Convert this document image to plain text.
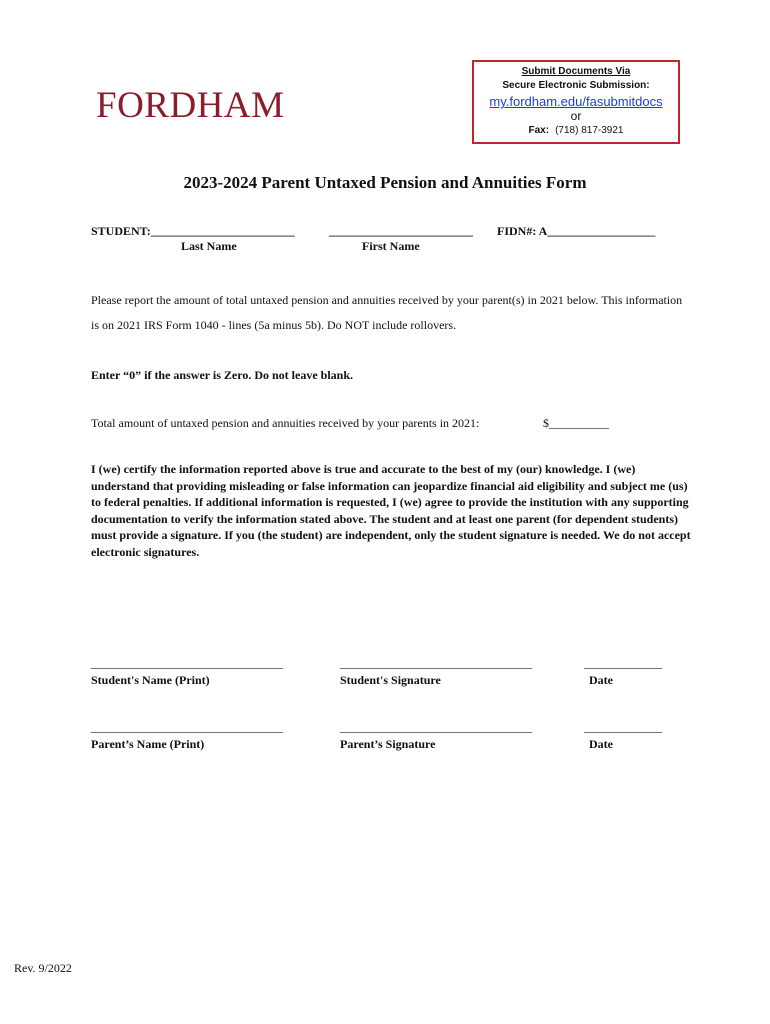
FORDHAM
Submit Documents Via
Secure Electronic Submission:
my.fordham.edu/fasubmitdocs
or
Fax: (718) 817-3921
2023-2024 Parent Untaxed Pension and Annuities Form
STUDENT:________________________	________________________ FIDN#: A__________________
Last Name	First Name
Please report the amount of total untaxed pension and annuities received by your parent(s) in 2021 below. This information
is on 2021 IRS Form 1040 - lines (5a minus 5b). Do NOT include rollovers.
Enter “0” if the answer is Zero. Do not leave blank.
Total amount of untaxed pension and annuities received by your parents in 2021:	$__________
I (we) certify the information reported above is true and accurate to the best of my (our) knowledge. I (we) understand that providing misleading or false information can jeopardize financial aid eligibility and subject me (us) to federal penalties. If additional information is requested, I (we) agree to provide the institution with any supporting documentation to verify the information stated above. The student and at least one parent (for dependent students) must provide a signature. If you (the student) are independent, only the student signature is needed. We do not accept electronic signatures.
________________________________	________________________________	_____________
Student's Name (Print)	Student's Signature	Date
________________________________	________________________________	_____________
Parent’s Name (Print)	Parent’s Signature	Date
Rev. 9/2022
